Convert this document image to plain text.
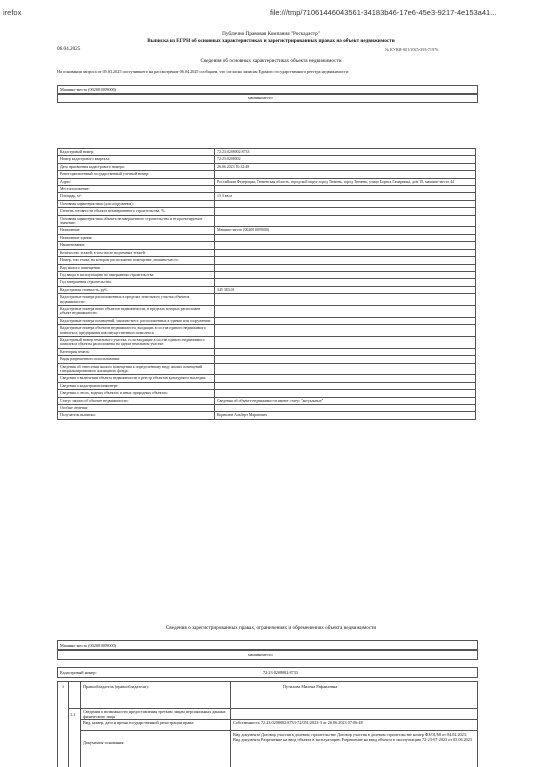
irefox	file:///tmp/71061446043561-34183b46-17e6-45e3-9217-4e153a41...
Публично Правовая Компания "Роскадастр"
Выписка из ЕГРН об основных характеристиках и зарегистрированных правах на объект недвижимости
06.04.2025	№ КУВИ-001/2025-395-71976
Сведения об основных характеристиках объекта недвижимости
На основании запроса от 05.03.2025 поступившего на рассмотрение 06.04.2025 сообщаем, что согласно записям Единого государственного реестра недвижимости:
Машино-место (002001009000)
машиноместо
Кадастровый номер:	72:23:0208002:8733
Номер кадастрового квартала:	72:23:0208002
Дата присвоения кадастрового номера:	26.06.2023 10:32:48
Ранее присвоенный государственный учетный номер:	
Адрес:	Российская Федерация, Тюменская область, городской округ город Тюмень, город Тюмень, улица Бориса Гамарника, дом 10, машино-место 44
Местоположение:	
Площадь, м²:	13.3 кв.м
Основная характеристика (для сооружения):	
Степень готовности объекта незавершенного строительства, %:	
Основная характеристика объекта незавершенного строительства и ее проектируемое значение:	
Назначение:	Машино-место (002001009000)
Назначение здания:	
Наименование:	
Количество этажей, в том числе подземных этажей:	
Номер, тип этажа, на котором расположено помещение, машино-место:	
Вид жилого помещения:	
Год ввода в эксплуатацию по завершении строительства:	
Год завершения строительства:	
Кадастровая стоимость, руб.:	345 383.01
Кадастровые номера расположенных в пределах земельного участка объектов недвижимости:	
Кадастровые номера иных объектов недвижимости, в пределах которых расположен объект недвижимости:	
Кадастровые номера помещений, машино-мест, расположенных в здании или сооружении:	
Кадастровые номера объектов недвижимости, входящих в состав единого недвижимого комплекса, предприятия как имущественного комплекса:	
Кадастровый номер земельного участка, если входящие в состав единого недвижимого комплекса объекты расположены на одном земельном участке:	
Категория земель:	
Виды разрешенного использования:	
Сведения об отнесении жилого помещения к определенному виду жилых помещений специализированного жилищного фонда:	
Сведения о включении объекта недвижимости в реестр объектов культурного наследия:	
Сведения о кадастровом инженере:	
Сведения о лесах, водных объектах и иных природных объектах:	
Статус записи об объекте недвижимости:	Сведения об объекте недвижимости имеют статус "актуальные"
Особые отметки:	
Получатель выписки:	Корнилов Альберт Маратович
Сведения о зарегистрированных правах, ограничениях и обременениях объекта недвижимости
Машино-место (002001009000)
машиноместо
Кадастровый номер:	72:23:0208002:8733
1
1.1
Правообладатель (правообладатели):	Путилова Милена Рафаилевна
Сведения о возможности предоставления третьим лицам персональных данных физического лица
Вид, номер, дата и время государственной регистрации права:	Собственность 72:23:0208002:8733-72/051/2023-3 от 26.06.2023 07:06:48
Документы-основания:
Вид документа Договор участия в долевом строительстве Договор участия в долевом строительстве номер ФЗ/01/68 от 04.02.2023; Вид документа Разрешение на ввод объекта в эксплуатацию Разрешение на ввод объекта в эксплуатацию 72-23-07-2023 от 05.06.2023
